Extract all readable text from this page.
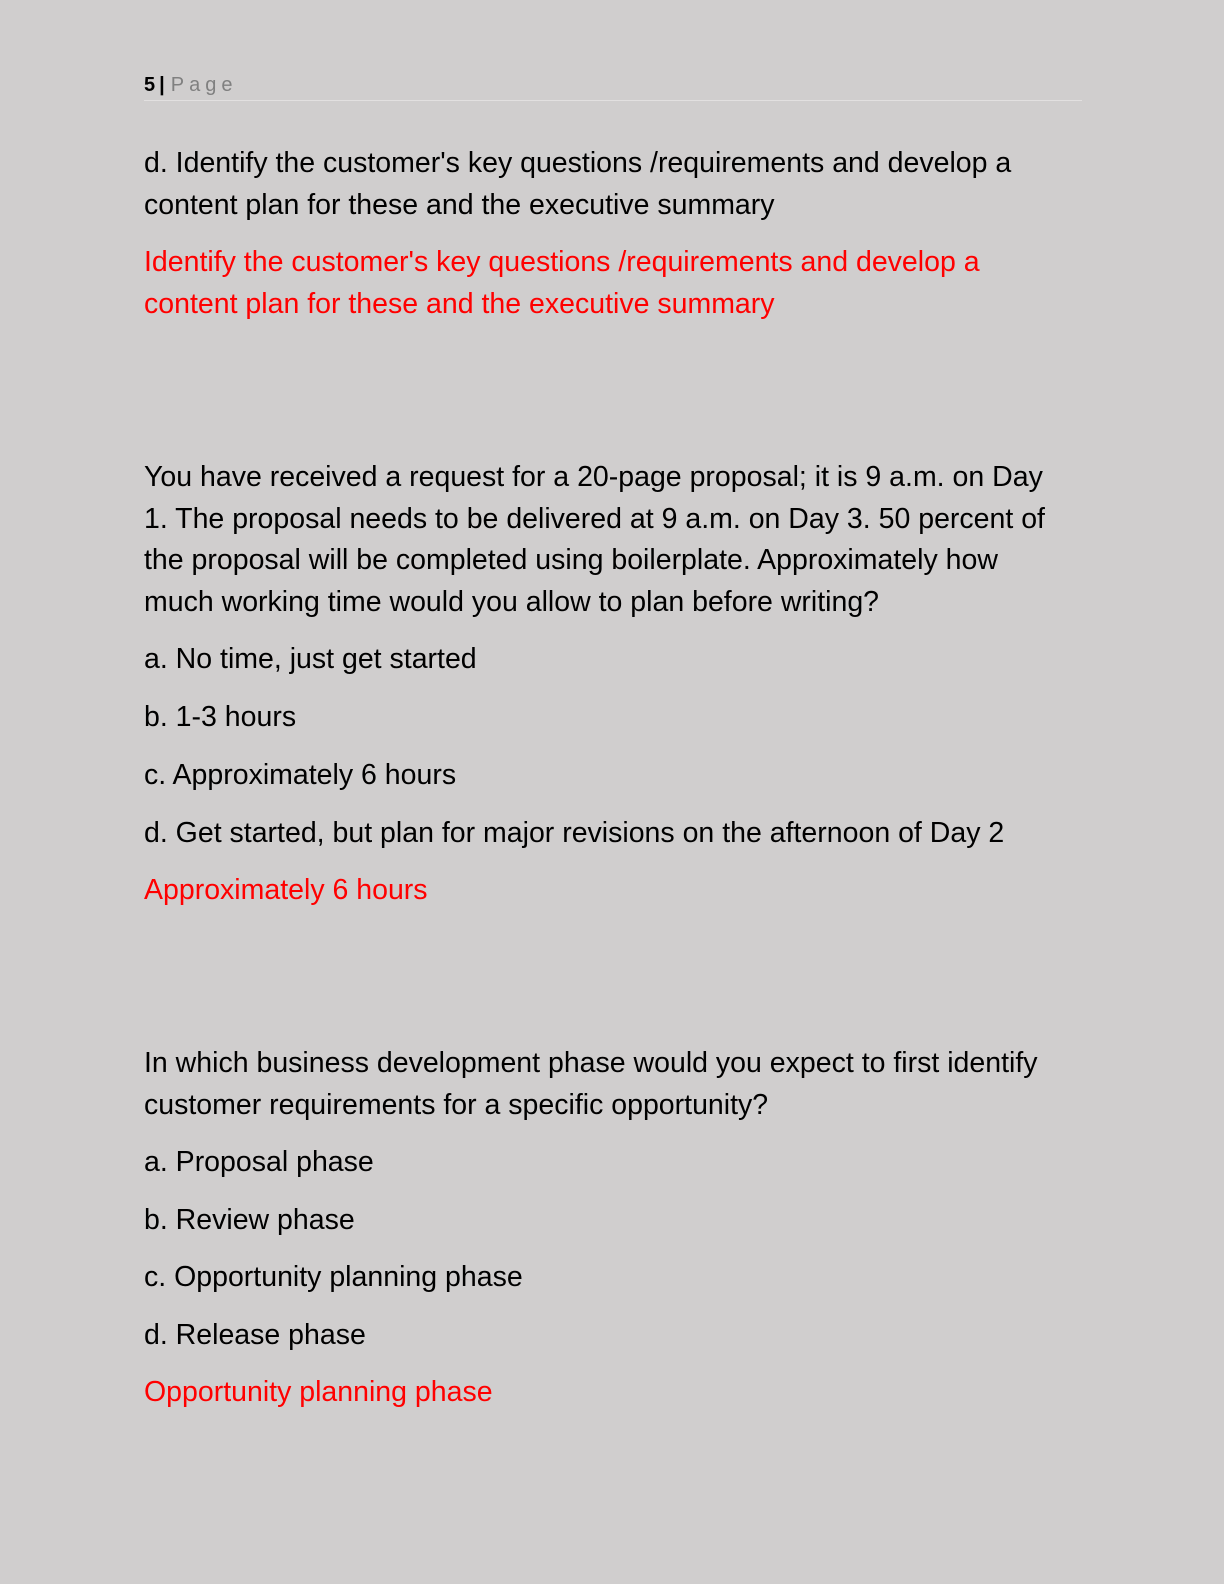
5 | Page

d. Identify the customer's key questions /requirements and develop a

content plan for these and the executive summary

Identify the customer's key questions /requirements and develop a

content plan for these and the executive summary

You have received a request for a 20-page proposal; it is 9 a.m. on Day

1. The proposal needs to be delivered at 9 a.m. on Day 3. 50 percent of

the proposal will be completed using boilerplate. Approximately how

much working time would you allow to plan before writing?

a. No time, just get started

b. 1-3 hours

c. Approximately 6 hours

d. Get started, but plan for major revisions on the afternoon of Day 2

Approximately 6 hours

In which business development phase would you expect to first identify

customer requirements for a specific opportunity?

a. Proposal phase

b. Review phase

c. Opportunity planning phase

d. Release phase

Opportunity planning phase
